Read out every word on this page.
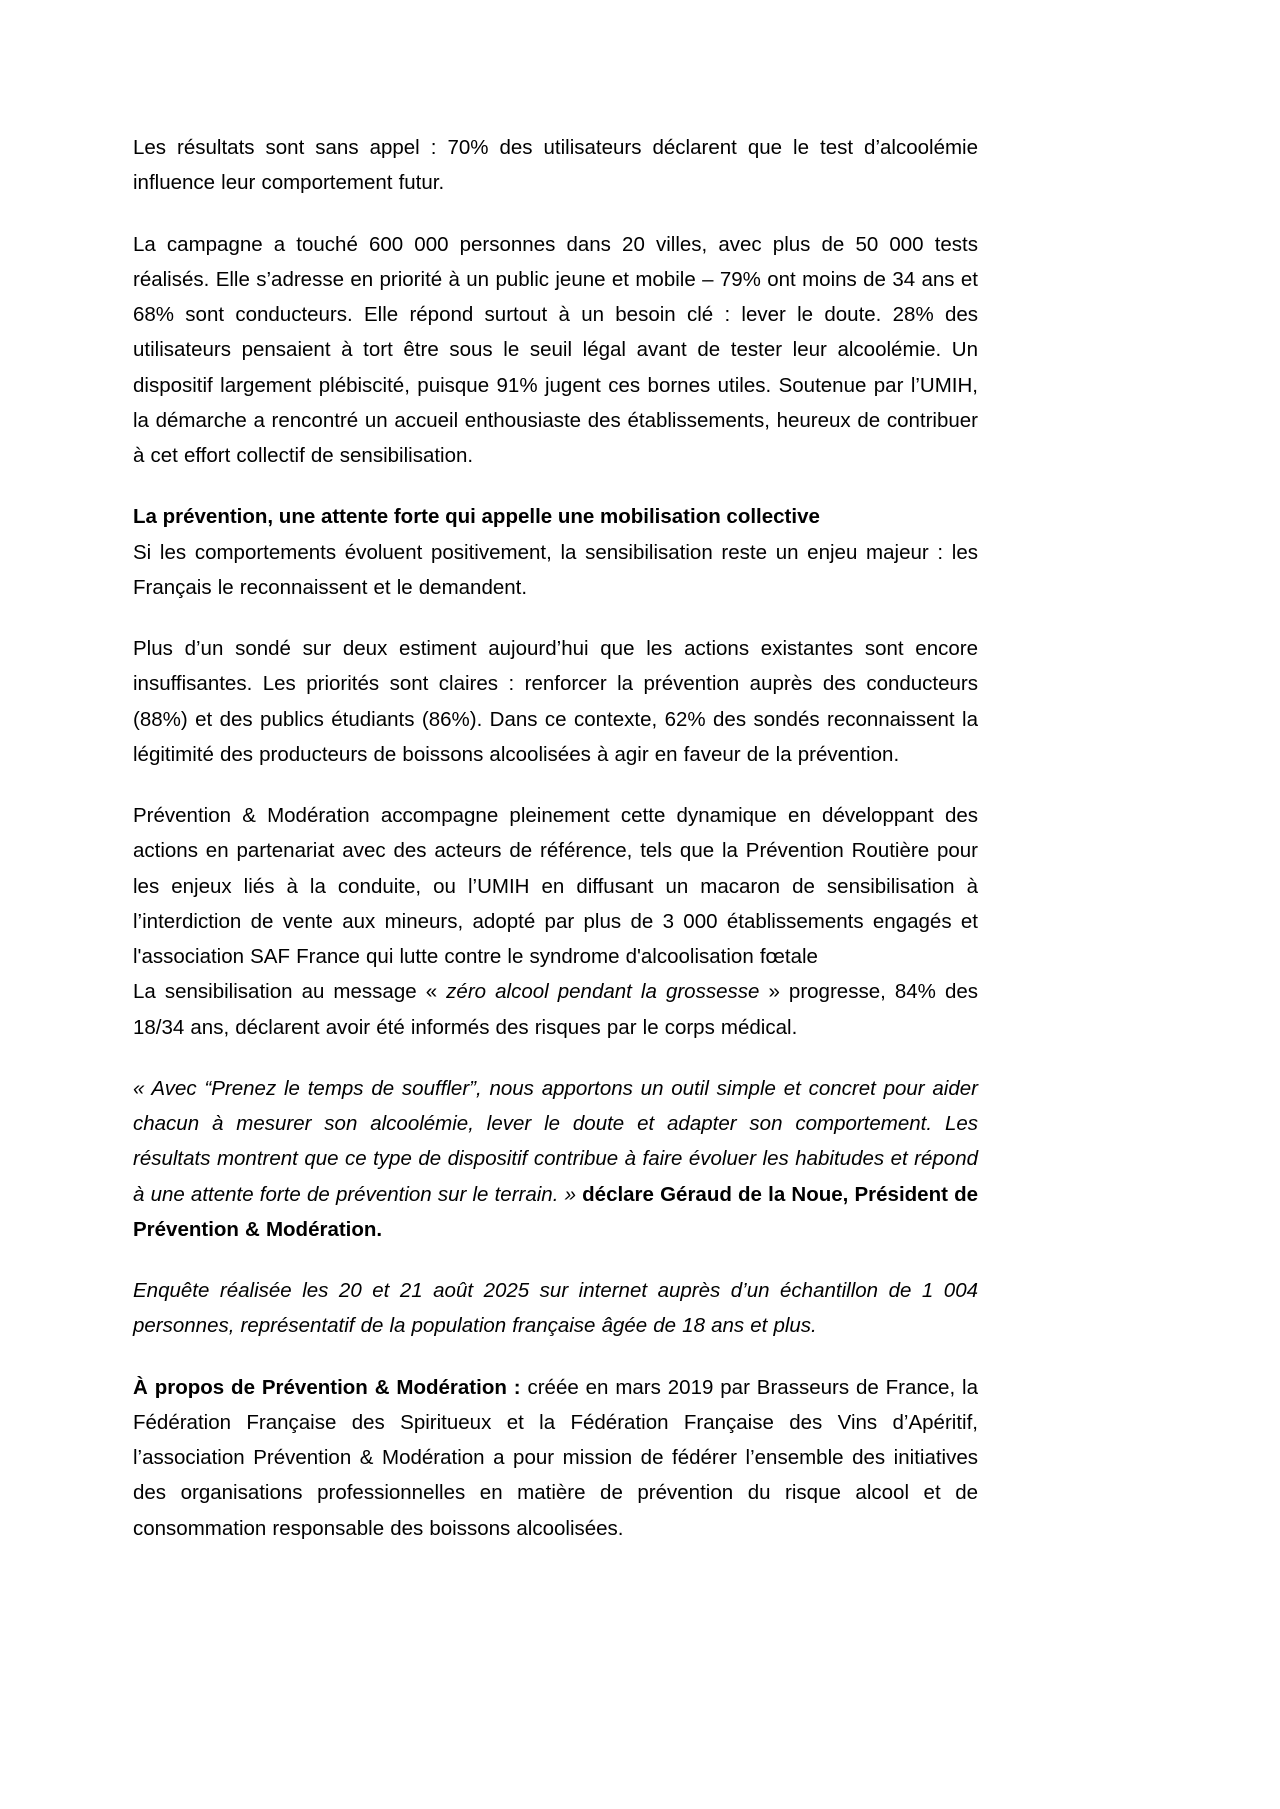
Les résultats sont sans appel : 70% des utilisateurs déclarent que le test d’alcoolémie influence leur comportement futur.

La campagne a touché 600 000 personnes dans 20 villes, avec plus de 50 000 tests réalisés. Elle s’adresse en priorité à un public jeune et mobile – 79% ont moins de 34 ans et 68% sont conducteurs. Elle répond surtout à un besoin clé : lever le doute. 28% des utilisateurs pensaient à tort être sous le seuil légal avant de tester leur alcoolémie. Un dispositif largement plébiscité, puisque 91% jugent ces bornes utiles. Soutenue par l’UMIH, la démarche a rencontré un accueil enthousiaste des établissements, heureux de contribuer à cet effort collectif de sensibilisation.

La prévention, une attente forte qui appelle une mobilisation collective

Si les comportements évoluent positivement, la sensibilisation reste un enjeu majeur : les Français le reconnaissent et le demandent.

Plus d’un sondé sur deux estiment aujourd’hui que les actions existantes sont encore insuffisantes. Les priorités sont claires : renforcer la prévention auprès des conducteurs (88%) et des publics étudiants (86%). Dans ce contexte, 62% des sondés reconnaissent la légitimité des producteurs de boissons alcoolisées à agir en faveur de la prévention.

Prévention & Modération accompagne pleinement cette dynamique en développant des actions en partenariat avec des acteurs de référence, tels que la Prévention Routière pour les enjeux liés à la conduite, ou l’UMIH en diffusant un macaron de sensibilisation à l’interdiction de vente aux mineurs, adopté par plus de 3 000 établissements engagés et l'association SAF France qui lutte contre le syndrome d'alcoolisation fœtale

La sensibilisation au message « zéro alcool pendant la grossesse » progresse, 84% des 18/34 ans, déclarent avoir été informés des risques par le corps médical.

« Avec “Prenez le temps de souffler”, nous apportons un outil simple et concret pour aider chacun à mesurer son alcoolémie, lever le doute et adapter son comportement. Les résultats montrent que ce type de dispositif contribue à faire évoluer les habitudes et répond à une attente forte de prévention sur le terrain. » déclare Géraud de la Noue, Président de Prévention & Modération.

Enquête réalisée les 20 et 21 août 2025 sur internet auprès d’un échantillon de 1 004 personnes, représentatif de la population française âgée de 18 ans et plus.

À propos de Prévention & Modération : créée en mars 2019 par Brasseurs de France, la Fédération Française des Spiritueux et la Fédération Française des Vins d’Apéritif, l’association Prévention & Modération a pour mission de fédérer l’ensemble des initiatives des organisations professionnelles en matière de prévention du risque alcool et de consommation responsable des boissons alcoolisées.
